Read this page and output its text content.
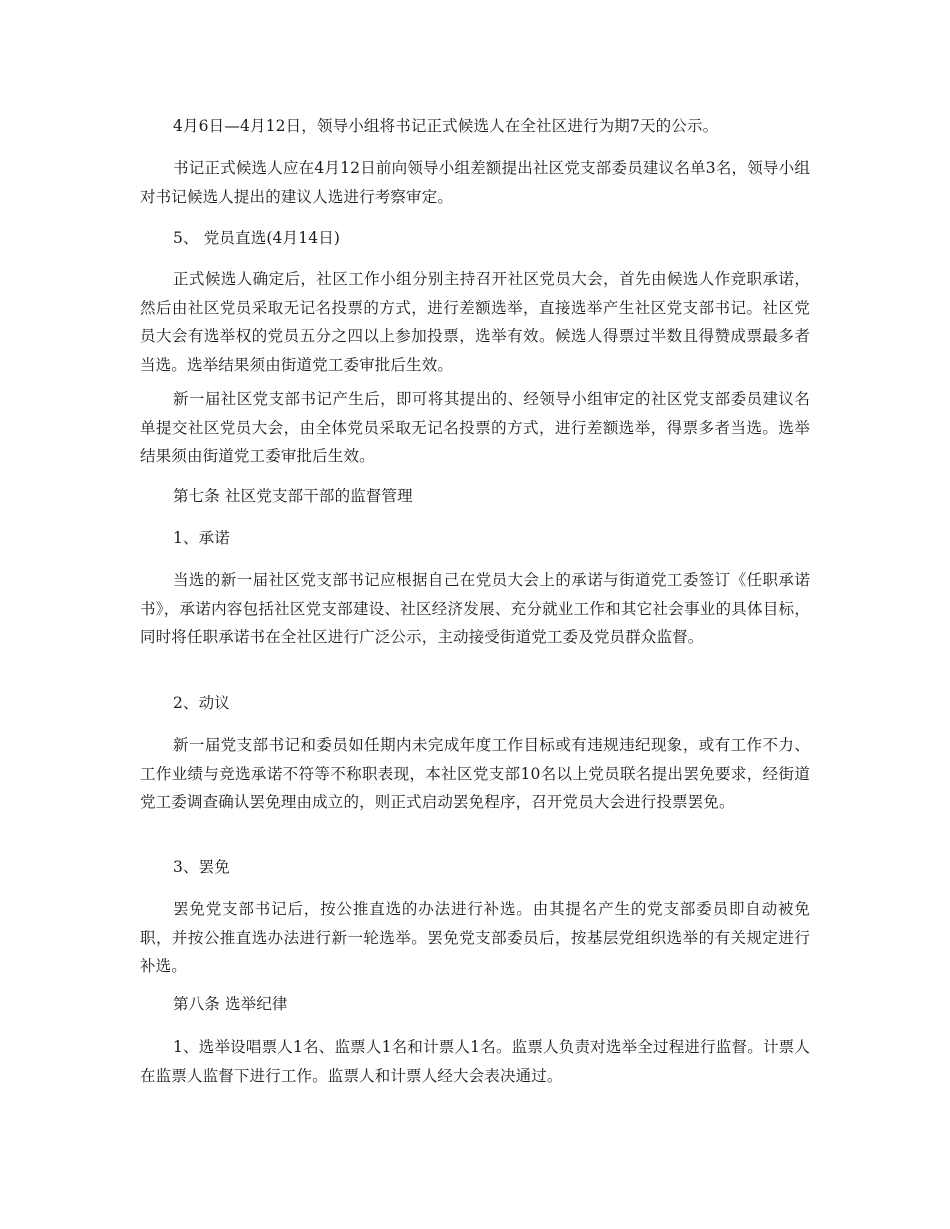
4月6日—4月12日，领导小组将书记正式候选人在全社区进行为期7天的公示。

书记正式候选人应在4月12日前向领导小组差额提出社区党支部委员建议名单3名，领导小组对书记候选人提出的建议人选进行考察审定。

5、 党员直选(4月14日)

正式候选人确定后，社区工作小组分别主持召开社区党员大会，首先由候选人作竞职承诺，然后由社区党员采取无记名投票的方式，进行差额选举，直接选举产生社区党支部书记。社区党员大会有选举权的党员五分之四以上参加投票，选举有效。候选人得票过半数且得赞成票最多者当选。选举结果须由街道党工委审批后生效。

新一届社区党支部书记产生后，即可将其提出的、经领导小组审定的社区党支部委员建议名单提交社区党员大会，由全体党员采取无记名投票的方式，进行差额选举，得票多者当选。选举结果须由街道党工委审批后生效。

第七条 社区党支部干部的监督管理

1、承诺

当选的新一届社区党支部书记应根据自己在党员大会上的承诺与街道党工委签订《任职承诺书》，承诺内容包括社区党支部建设、社区经济发展、充分就业工作和其它社会事业的具体目标，同时将任职承诺书在全社区进行广泛公示，主动接受街道党工委及党员群众监督。

2、动议

新一届党支部书记和委员如任期内未完成年度工作目标或有违规违纪现象，或有工作不力、工作业绩与竞选承诺不符等不称职表现，本社区党支部10名以上党员联名提出罢免要求，经街道党工委调查确认罢免理由成立的，则正式启动罢免程序，召开党员大会进行投票罢免。

3、罢免

罢免党支部书记后，按公推直选的办法进行补选。由其提名产生的党支部委员即自动被免职，并按公推直选办法进行新一轮选举。罢免党支部委员后，按基层党组织选举的有关规定进行补选。

第八条 选举纪律

1、选举设唱票人1名、监票人1名和计票人1名。监票人负责对选举全过程进行监督。计票人在监票人监督下进行工作。监票人和计票人经大会表决通过。
